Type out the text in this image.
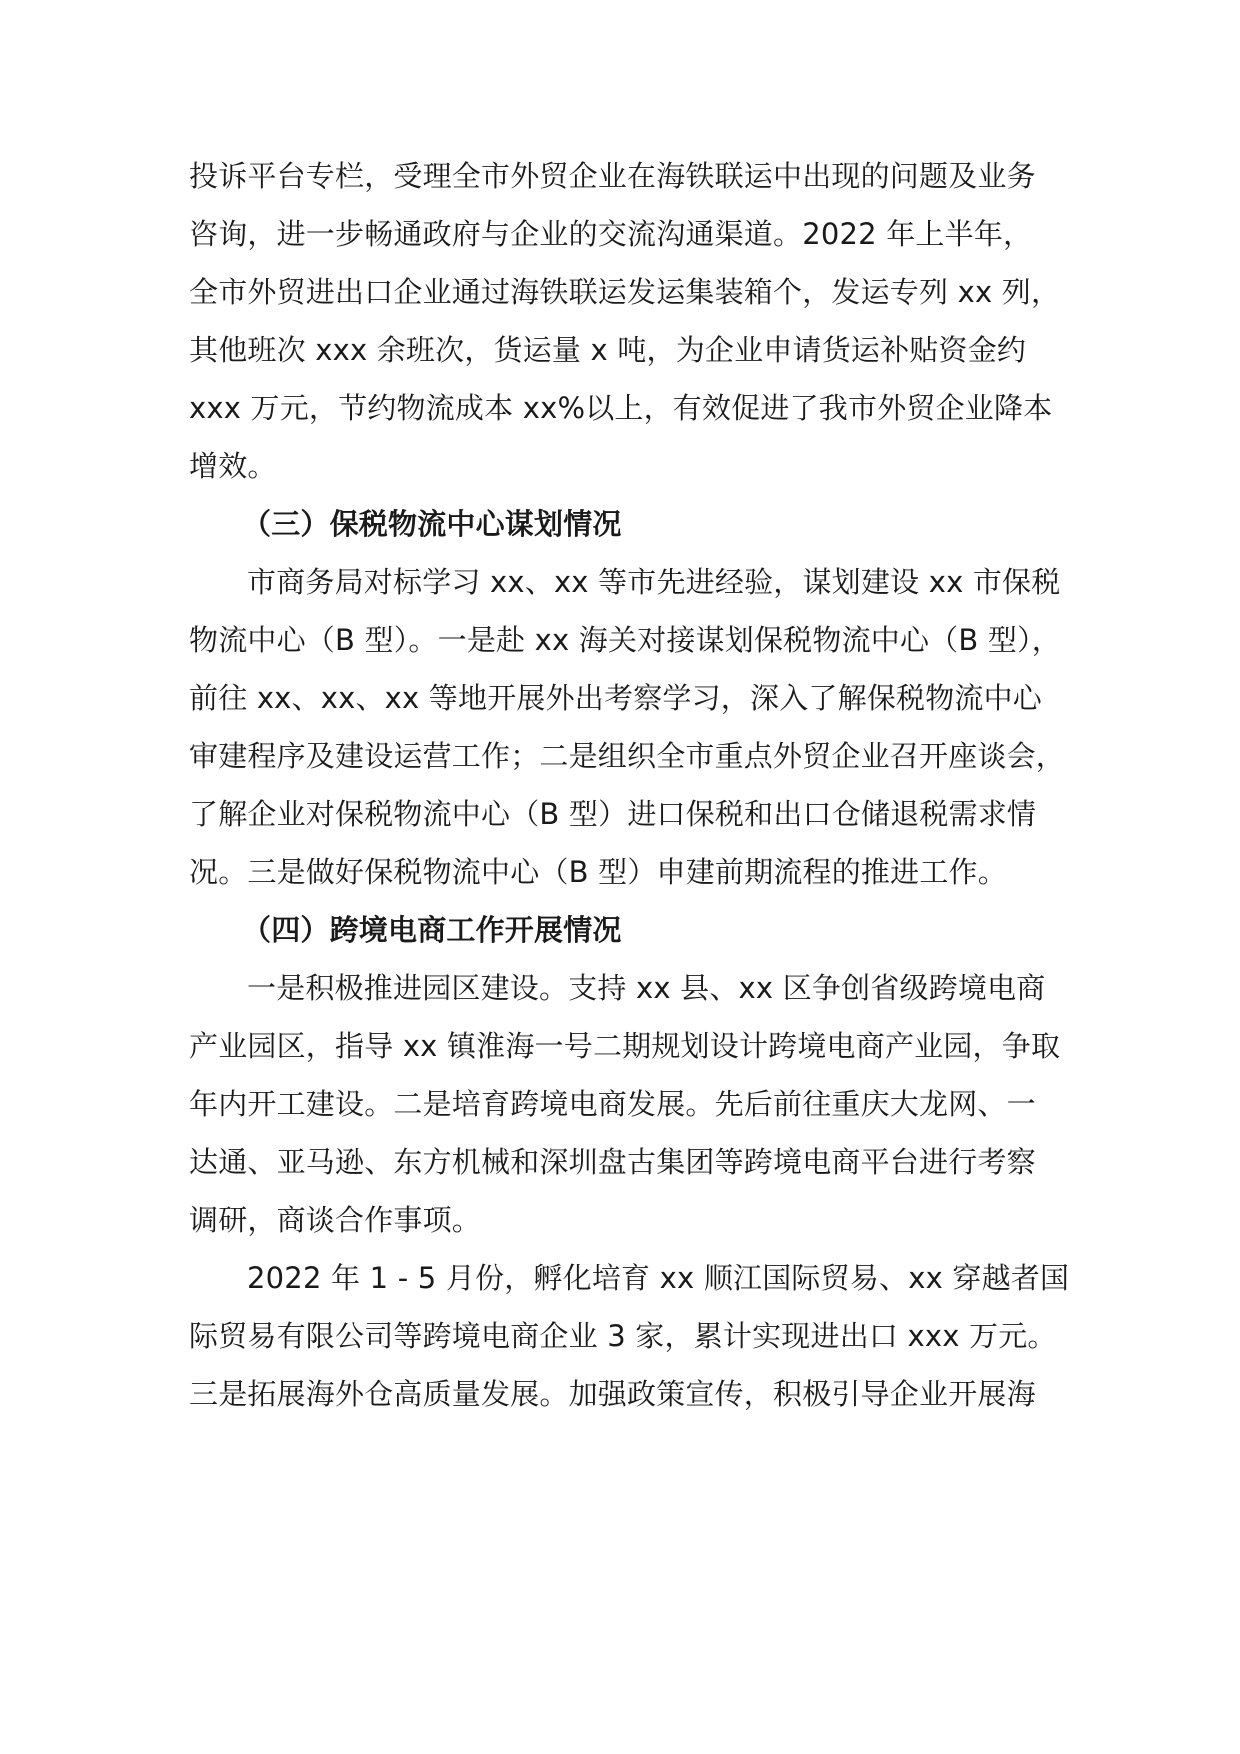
投诉平台专栏，受理全市外贸企业在海铁联运中出现的问题及业务
咨询，进一步畅通政府与企业的交流沟通渠道。2022 年上半年，
全市外贸进出口企业通过海铁联运发运集装箱个，发运专列 xx 列，
其他班次 xxx 余班次，货运量 x 吨，为企业申请货运补贴资金约
xxx 万元，节约物流成本 xx%以上，有效促进了我市外贸企业降本
增效。
（三）保税物流中心谋划情况
市商务局对标学习 xx、xx 等市先进经验，谋划建设 xx 市保税
物流中心（B 型）。一是赴 xx 海关对接谋划保税物流中心（B 型），
前往 xx、xx、xx 等地开展外出考察学习，深入了解保税物流中心
审建程序及建设运营工作；二是组织全市重点外贸企业召开座谈会，
了解企业对保税物流中心（B 型）进口保税和出口仓储退税需求情
况。三是做好保税物流中心（B 型）申建前期流程的推进工作。
（四）跨境电商工作开展情况
一是积极推进园区建设。支持 xx 县、xx 区争创省级跨境电商
产业园区，指导 xx 镇淮海一号二期规划设计跨境电商产业园，争取
年内开工建设。二是培育跨境电商发展。先后前往重庆大龙网、一
达通、亚马逊、东方机械和深圳盘古集团等跨境电商平台进行考察
调研，商谈合作事项。
2022 年 1 - 5 月份，孵化培育 xx 顺江国际贸易、xx 穿越者国
际贸易有限公司等跨境电商企业 3 家，累计实现进出口 xxx 万元。
三是拓展海外仓高质量发展。加强政策宣传，积极引导企业开展海
